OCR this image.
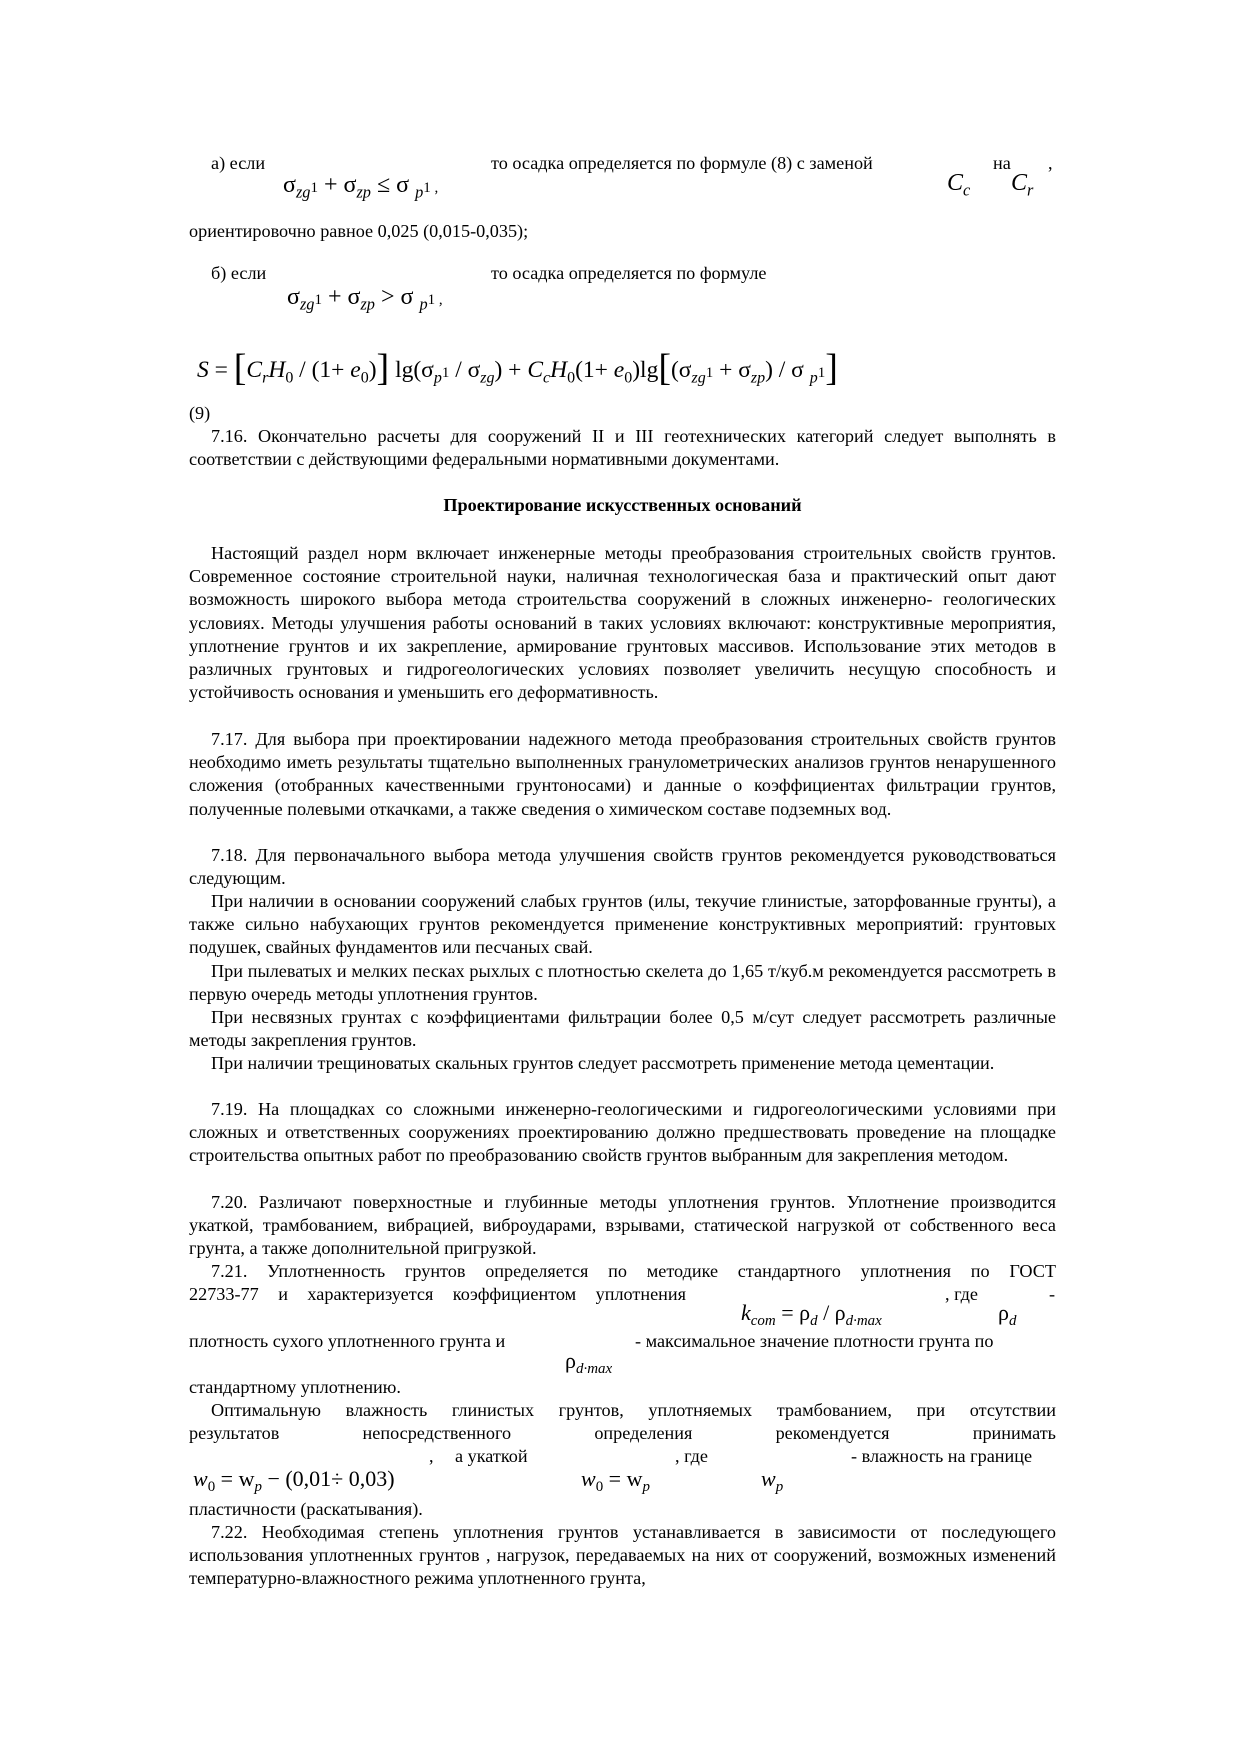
а) если	то осадка определяется по формуле (8) с заменой	на ,
$\sigma_{zg}1 + \sigma_{zp} \le \sigma$ $_p$1 ,	$C_c$ $C_r$
ориентировочно равное 0,025 (0,015-0,035);
б) если	то осадка определяется по формуле
$\sigma_{zg}1 + \sigma_{zp} > \sigma$ $_p$1 ,
$S = [C_rH_0 / (1+ e_0)]$ $\lg(\sigma_p1 / \sigma_{zg}) + C_cH_0(1+ e_0)\lg[(\sigma_{zg}1 + \sigma_{zp}) / \sigma$ $_p$1]
(9)

7.16. Окончательно расчеты для сооружений II и III геотехнических категорий следует выполнять в соответствии с действующими федеральными нормативными документами.

Проектирование искусственных оснований

Настоящий раздел норм включает инженерные методы преобразования строительных свойств грунтов. Современное состояние строительной науки, наличная технологическая база и практический опыт дают возможность широкого выбора метода строительства сооружений в сложных инженерно- геологических условиях. Методы улучшения работы оснований в таких условиях включают: конструктивные мероприятия, уплотнение грунтов и их закрепление, армирование грунтовых массивов. Использование этих методов в различных грунтовых и гидрогеологических условиях позволяет увеличить несущую способность и устойчивость основания и уменьшить его деформативность.

7.17. Для выбора при проектировании надежного метода преобразования строительных свойств грунтов необходимо иметь результаты тщательно выполненных гранулометрических анализов грунтов ненарушенного сложения (отобранных качественными грунтоносами) и данные о коэффициентах фильтрации грунтов, полученные полевыми откачками, а также сведения о химическом составе подземных вод.

7.18. Для первоначального выбора метода улучшения свойств грунтов рекомендуется руководствоваться следующим.

При наличии в основании сооружений слабых грунтов (илы, текучие глинистые, заторфованные грунты), а также сильно набухающих грунтов рекомендуется применение конструктивных мероприятий: грунтовых подушек, свайных фундаментов или песчаных свай.

При пылеватых и мелких песках рыхлых с плотностью скелета до 1,65 т/куб.м рекомендуется рассмотреть в первую очередь методы уплотнения грунтов.

При несвязных грунтах с коэффициентами фильтрации более 0,5 м/сут следует рассмотреть различные методы закрепления грунтов.

При наличии трещиноватых скальных грунтов следует рассмотреть применение метода цементации.

7.19. На площадках со сложными инженерно-геологическими и гидрогеологическими условиями при сложных и ответственных сооружениях проектированию должно предшествовать проведение на площадке строительства опытных работ по преобразованию свойств грунтов выбранным для закрепления методом.

7.20. Различают поверхностные и глубинные методы уплотнения грунтов. Уплотнение производится укаткой, трамбованием, вибрацией, виброударами, взрывами, статической нагрузкой от собственного веса грунта, а также дополнительной пригрузкой.

7.21. Уплотненность грунтов определяется по методике стандартного уплотнения по ГОСТ
22733-77 и характеризуется коэффициентом уплотнения	, где	-
$k_{com} = \rho_d / \rho_{d\cdot max}$	$\rho_d$
плотность сухого уплотненного грунта и	- максимальное значение плотности грунта по
$\rho_{d\cdot max}$
стандартному уплотнению.
Оптимальную влажность глинистых грунтов, уплотняемых трамбованием, при отсутствии
результатов	непосредственного	определения	рекомендуется	принимать
, а укаткой	, где	- влажность на границе
$w_0 = w_p - (0,01\div 0,03)$	$w_0 = w_p$	$w_p$
пластичности (раскатывания).

7.22. Необходимая степень уплотнения грунтов устанавливается в зависимости от последующего использования уплотненных грунтов , нагрузок, передаваемых на них от сооружений, возможных изменений температурно-влажностного режима уплотненного грунта,
